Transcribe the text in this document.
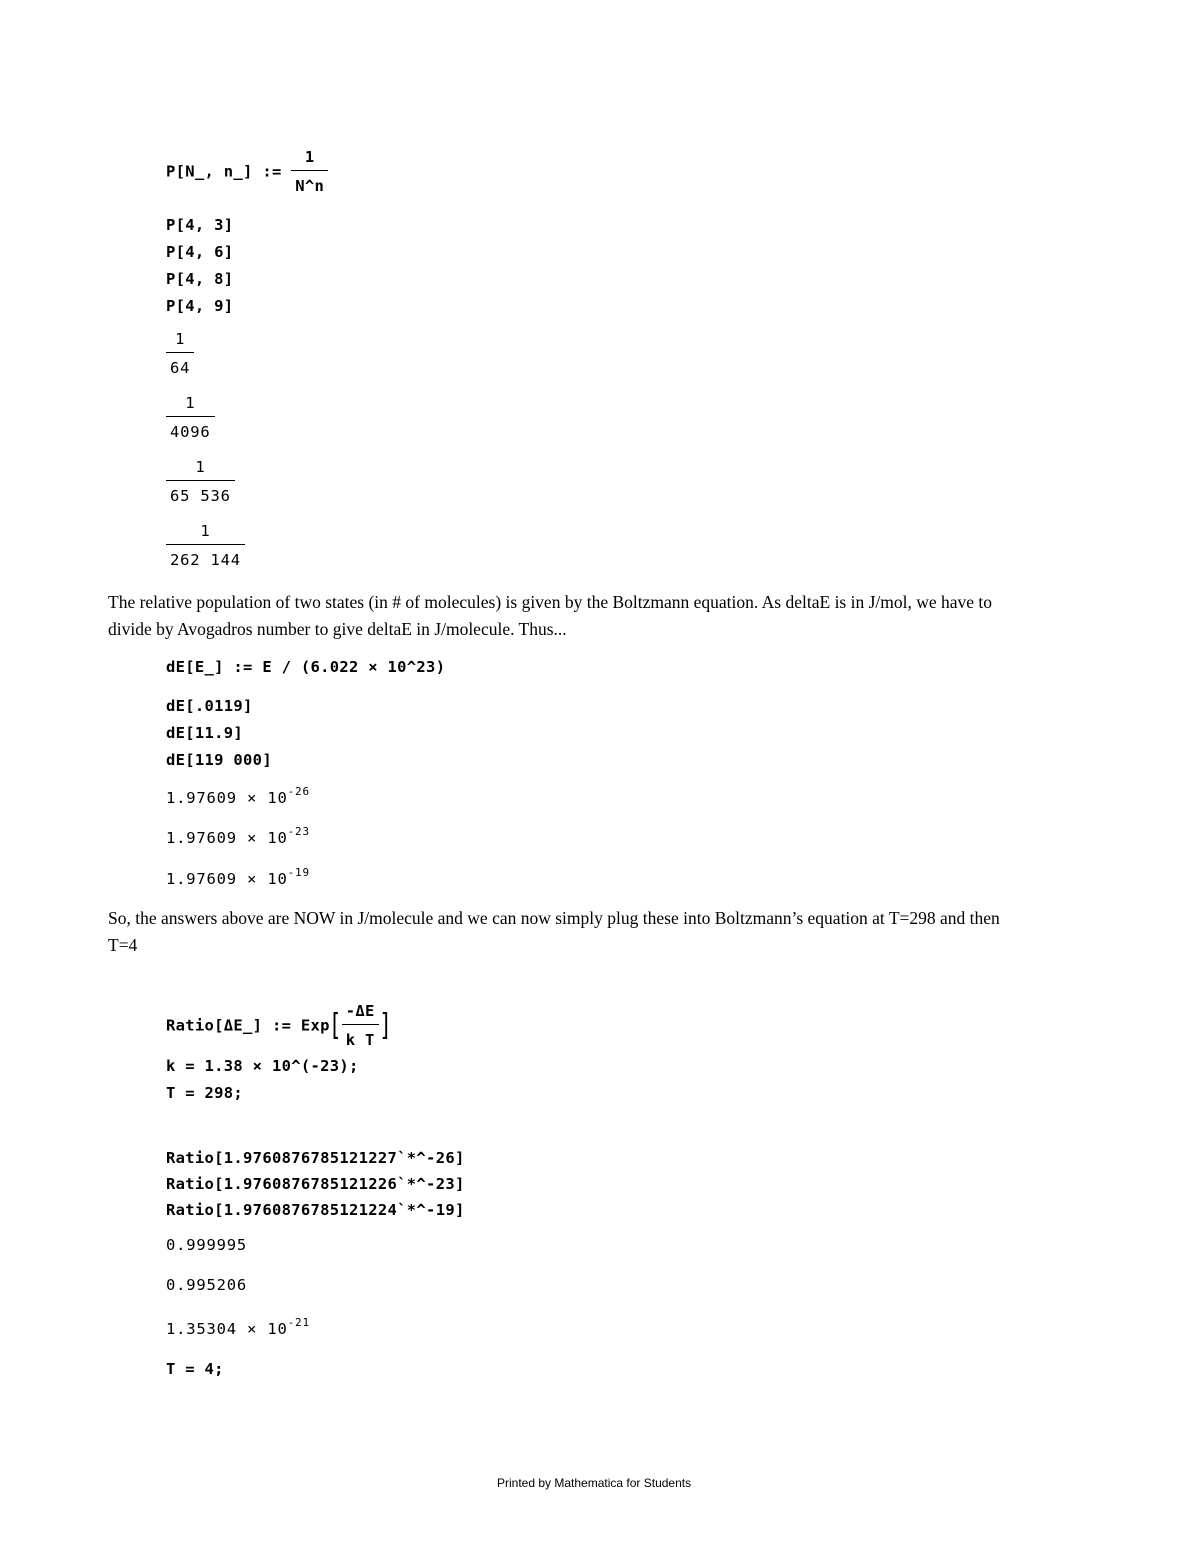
P[N_, n_] := $\frac{1}{N\^{}n}$
P[4, 3]
P[4, 6]
P[4, 8]
P[4, 9]
$\frac{1}{64}$
$\frac{1}{4096}$
$\frac{1}{65 536}$
$\frac{1}{262 144}$
The relative population of two states (in # of molecules) is given by the Boltzmann equation. As deltaE is in J/mol, we have to
divide by Avogadros number to give deltaE in J/molecule. Thus...
dE[E_] := E / (6.022 × 10^23)
dE[.0119]
dE[11.9]
dE[119 000]
$1.97609 \times 10^{-26}$
$1.97609 \times 10^{-23}$
$1.97609 \times 10^{-19}$
So, the answers above are NOW in J/molecule and we can now simply plug these into Boltzmann’s equation at T=298 and then
T=4
Ratio[ΔE_] := $Exp[ \frac{-\Delta E}{\text{k T}}$ ]
k = 1.38 × 10^(-23);
T = 298;
Ratio[1.9760876785121227`*^-26]
Ratio[1.9760876785121226`*^-23]
Ratio[1.9760876785121224`*^-19]
0.999995
0.995206
$1.35304 \times 10^{-21}$
T = 4;
Printed by Mathematica for Students
